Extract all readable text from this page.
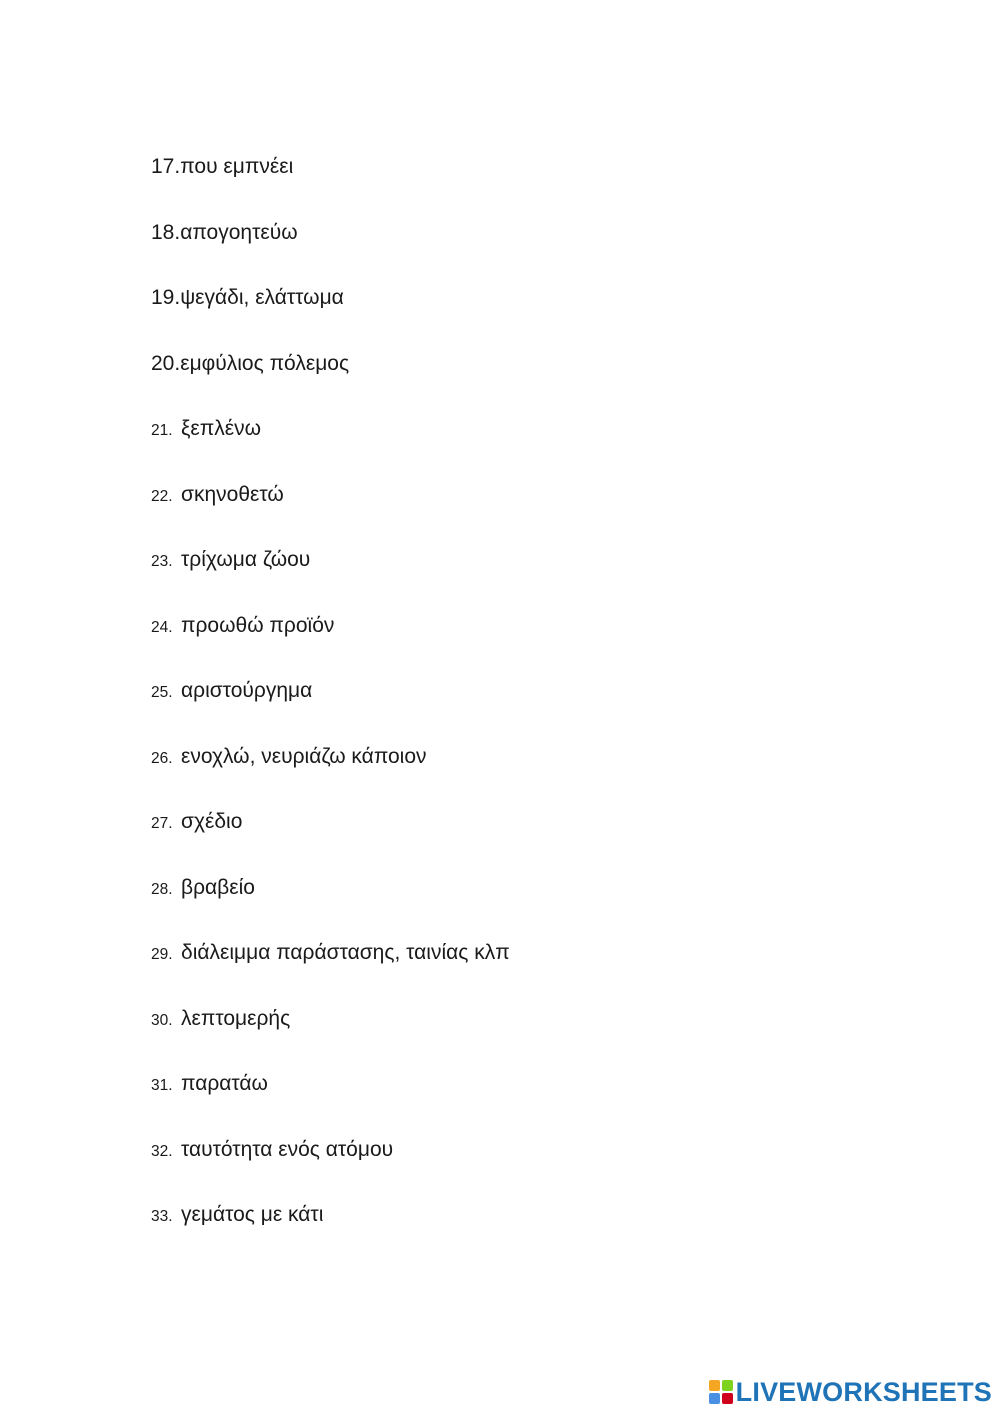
17.που εμπνέει
18.απογοητεύω
19.ψεγάδι, ελάττωμα
20.εμφύλιος πόλεμος
21. ξεπλένω
22. σκηνοθετώ
23. τρίχωμα ζώου
24. προωθώ προϊόν
25. αριστούργημα
26. ενοχλώ, νευριάζω κάποιον
27. σχέδιο
28. βραβείο
29. διάλειμμα παράστασης, ταινίας κλπ
30. λεπτομερής
31. παρατάω
32. ταυτότητα ενός ατόμου
33. γεμάτος με κάτι
LIVEWORKSHEETS
